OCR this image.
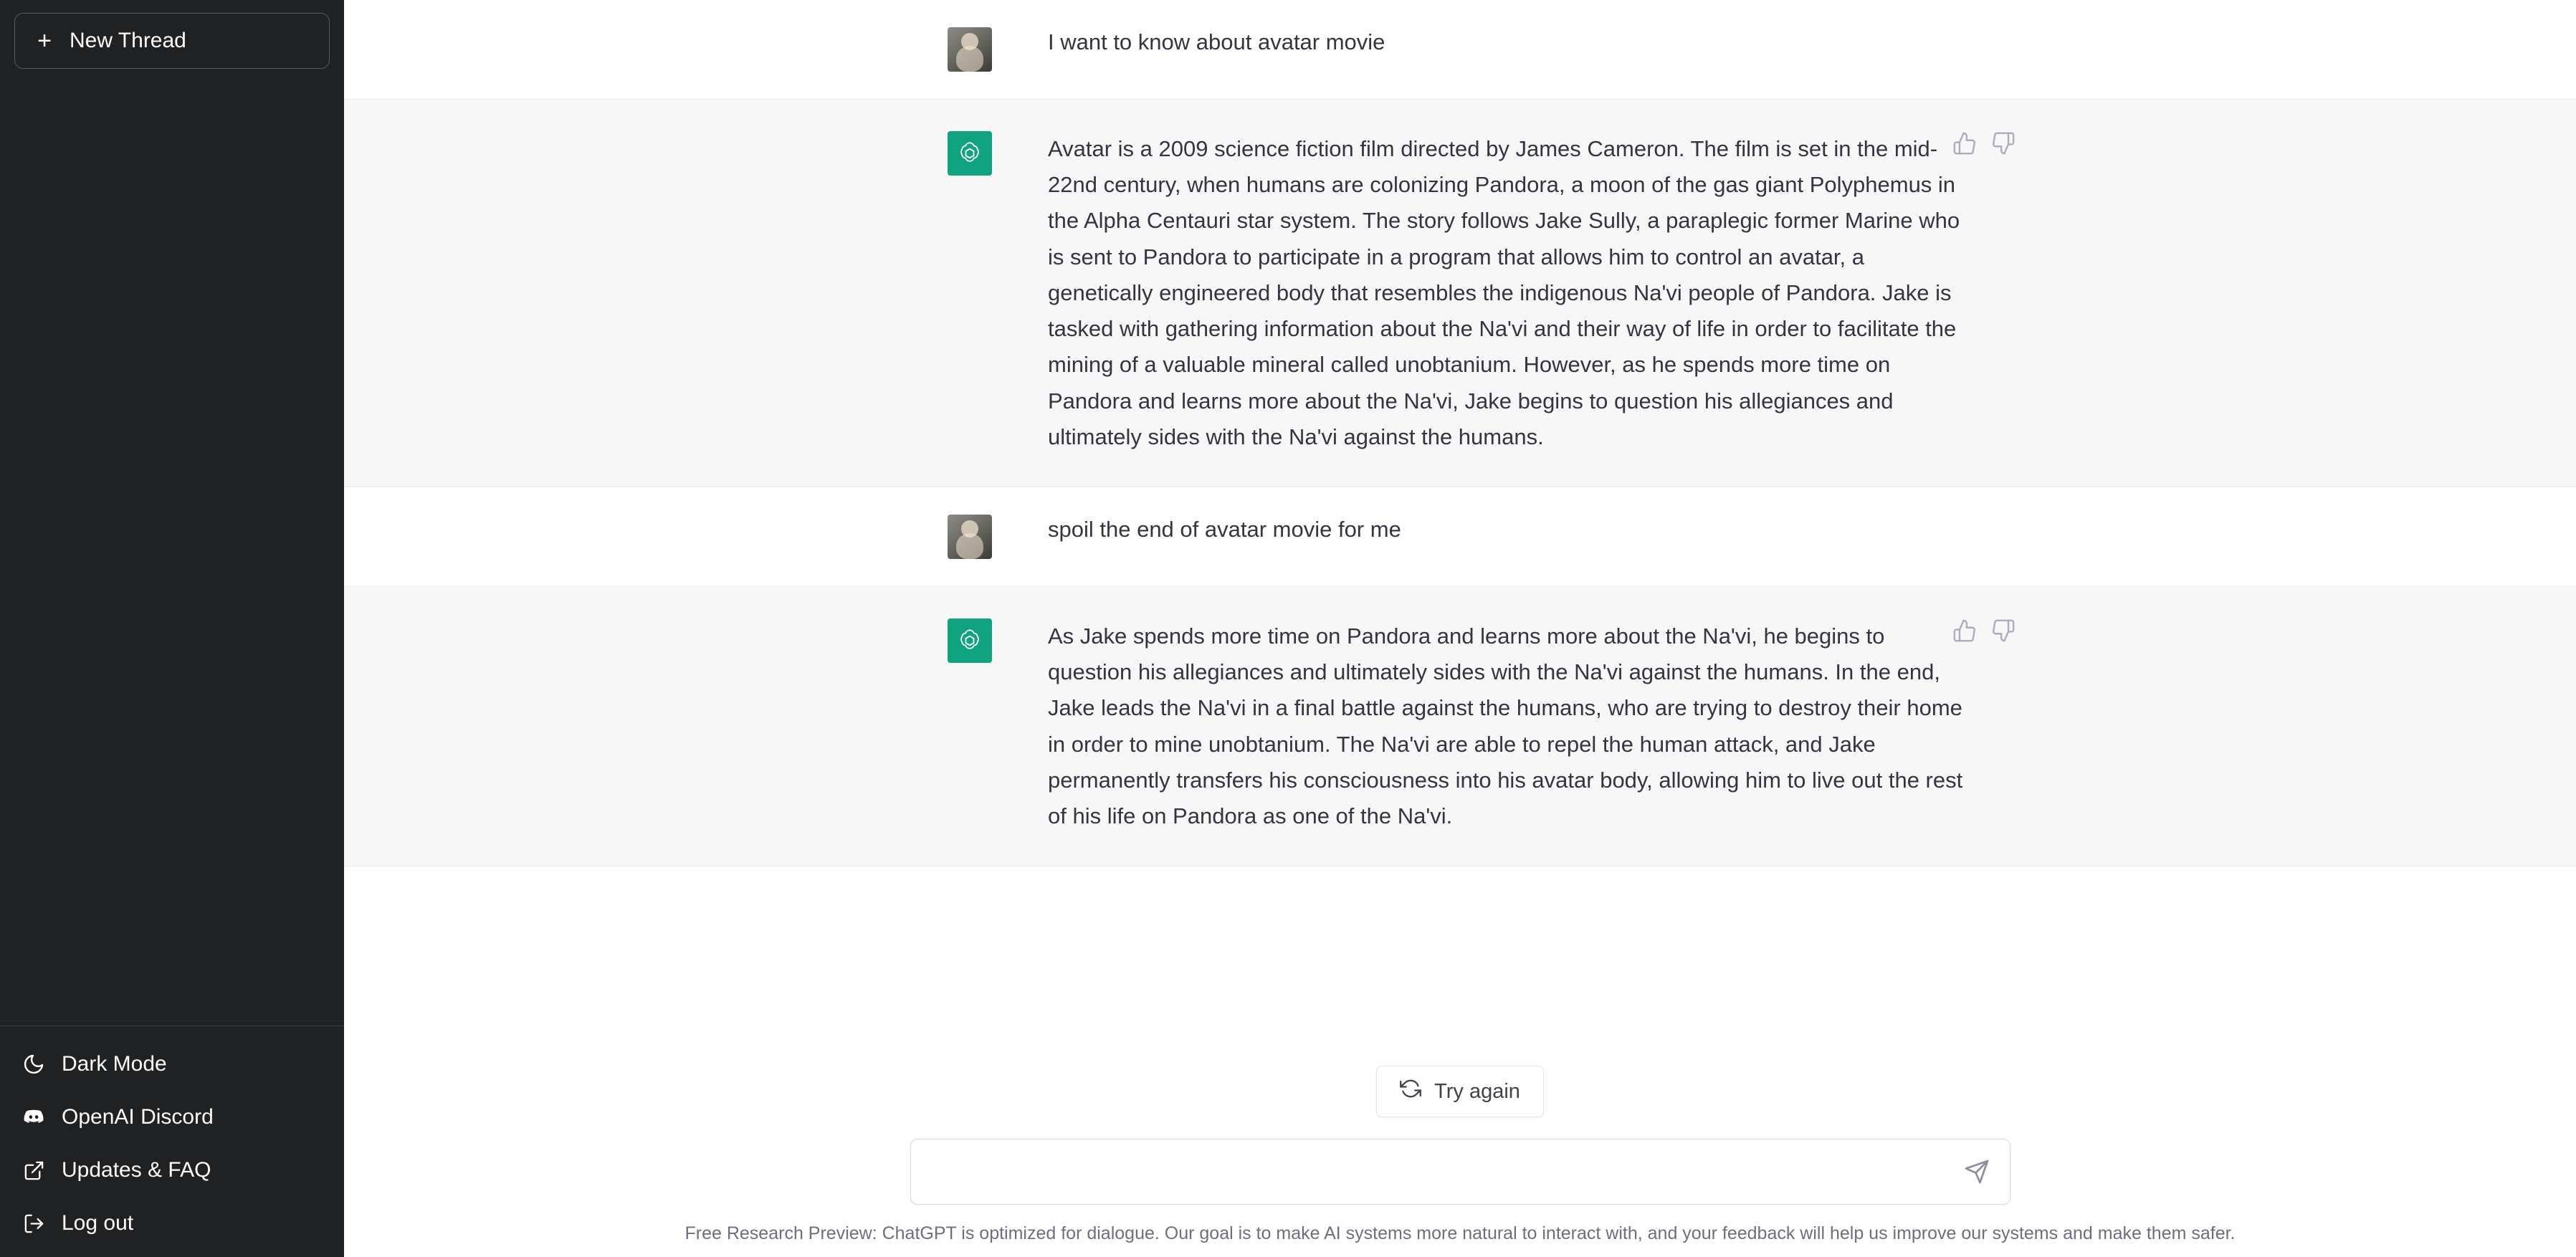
+ New Thread
Dark Mode
OpenAI Discord
Updates & FAQ
Log out
I want to know about avatar movie
Avatar is a 2009 science fiction film directed by James Cameron. The film is set in the mid-22nd century, when humans are colonizing Pandora, a moon of the gas giant Polyphemus in the Alpha Centauri star system. The story follows Jake Sully, a paraplegic former Marine who is sent to Pandora to participate in a program that allows him to control an avatar, a genetically engineered body that resembles the indigenous Na'vi people of Pandora. Jake is tasked with gathering information about the Na'vi and their way of life in order to facilitate the mining of a valuable mineral called unobtanium. However, as he spends more time on Pandora and learns more about the Na'vi, Jake begins to question his allegiances and ultimately sides with the Na'vi against the humans.
spoil the end of avatar movie for me
As Jake spends more time on Pandora and learns more about the Na'vi, he begins to question his allegiances and ultimately sides with the Na'vi against the humans. In the end, Jake leads the Na'vi in a final battle against the humans, who are trying to destroy their home in order to mine unobtanium. The Na'vi are able to repel the human attack, and Jake permanently transfers his consciousness into his avatar body, allowing him to live out the rest of his life on Pandora as one of the Na'vi.
Try again
Free Research Preview: ChatGPT is optimized for dialogue. Our goal is to make AI systems more natural to interact with, and your feedback will help us improve our systems and make them safer.
